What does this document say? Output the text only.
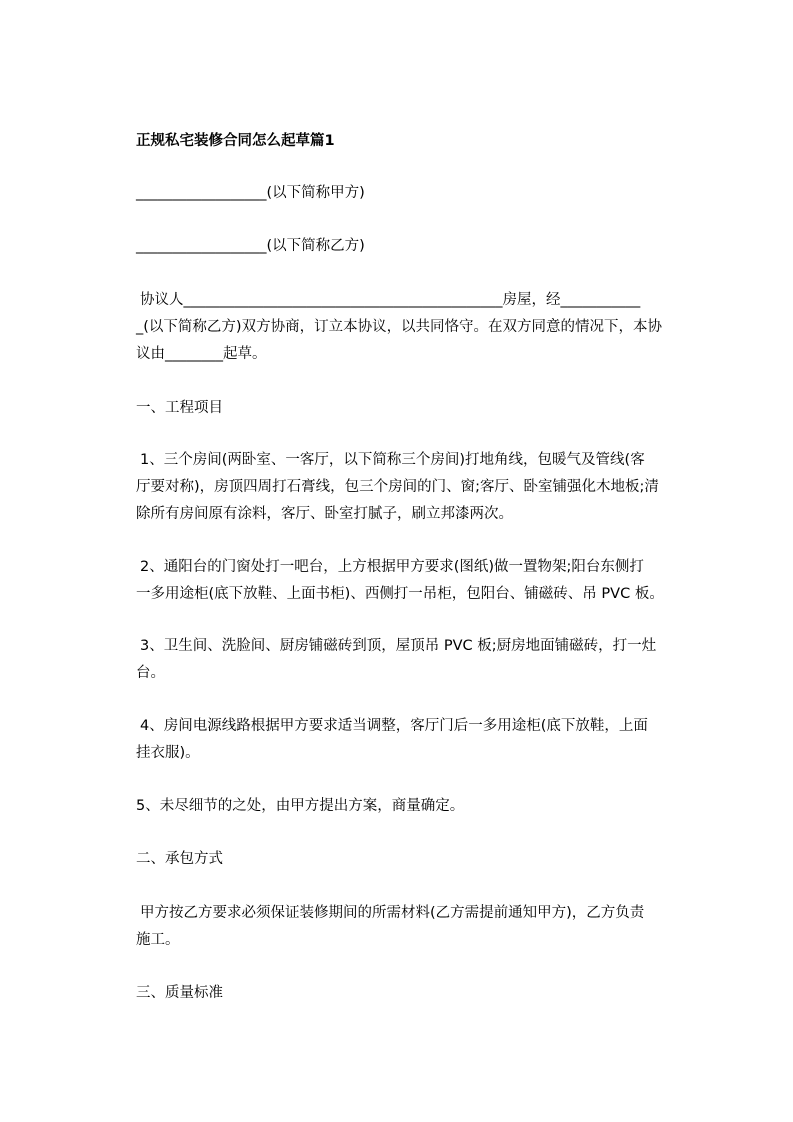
正规私宅装修合同怎么起草篇1
__________________(以下简称甲方)
__________________(以下简称乙方)
协议人____________________________________________房屋，经___________
_(以下简称乙方)双方协商，订立本协议，以共同恪守。在双方同意的情况下，本协
议由________起草。
一、工程项目
1、三个房间(两卧室、一客厅，以下简称三个房间)打地角线，包暖气及管线(客
厅要对称)，房顶四周打石膏线，包三个房间的门、窗;客厅、卧室铺强化木地板;清
除所有房间原有涂料，客厅、卧室打腻子，刷立邦漆两次。
2、通阳台的门窗处打一吧台，上方根据甲方要求(图纸)做一置物架;阳台东侧打
一多用途柜(底下放鞋、上面书柜)、西侧打一吊柜，包阳台、铺磁砖、吊 PVC 板。
3、卫生间、洗脸间、厨房铺磁砖到顶，屋顶吊 PVC 板;厨房地面铺磁砖，打一灶
台。
4、房间电源线路根据甲方要求适当调整，客厅门后一多用途柜(底下放鞋，上面
挂衣服)。
5、未尽细节的之处，由甲方提出方案，商量确定。
二、承包方式
甲方按乙方要求必须保证装修期间的所需材料(乙方需提前通知甲方)，乙方负责
施工。
三、质量标准
